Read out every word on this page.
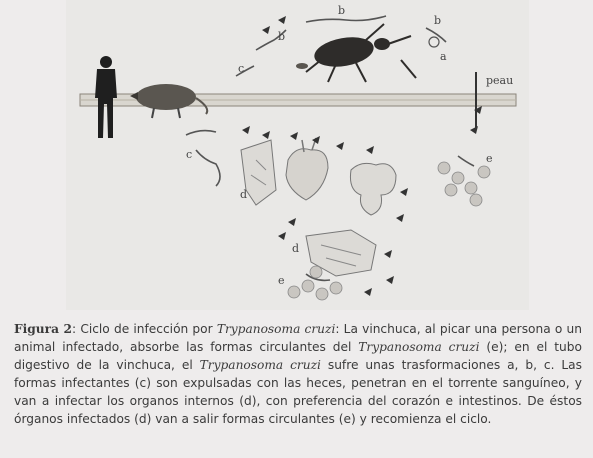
peau
a
b
b
b
c
c
d
d
e
e
Figura 2: Ciclo de infección por Trypanosoma cruzi: La vinchuca, al picar una persona o un animal infectado, absorbe las formas circulantes del Trypanosoma cruzi (e); en el tubo digestivo de la vinchuca, el Trypanosoma cruzi sufre unas trasformaciones a, b, c. Las formas infectantes (c) son expulsadas con las heces, penetran en el torrente sanguíneo, y van a infectar los organos internos (d), con preferencia del corazón e intestinos. De éstos órganos infectados (d) van a salir formas circulantes (e) y recomienza el ciclo.
